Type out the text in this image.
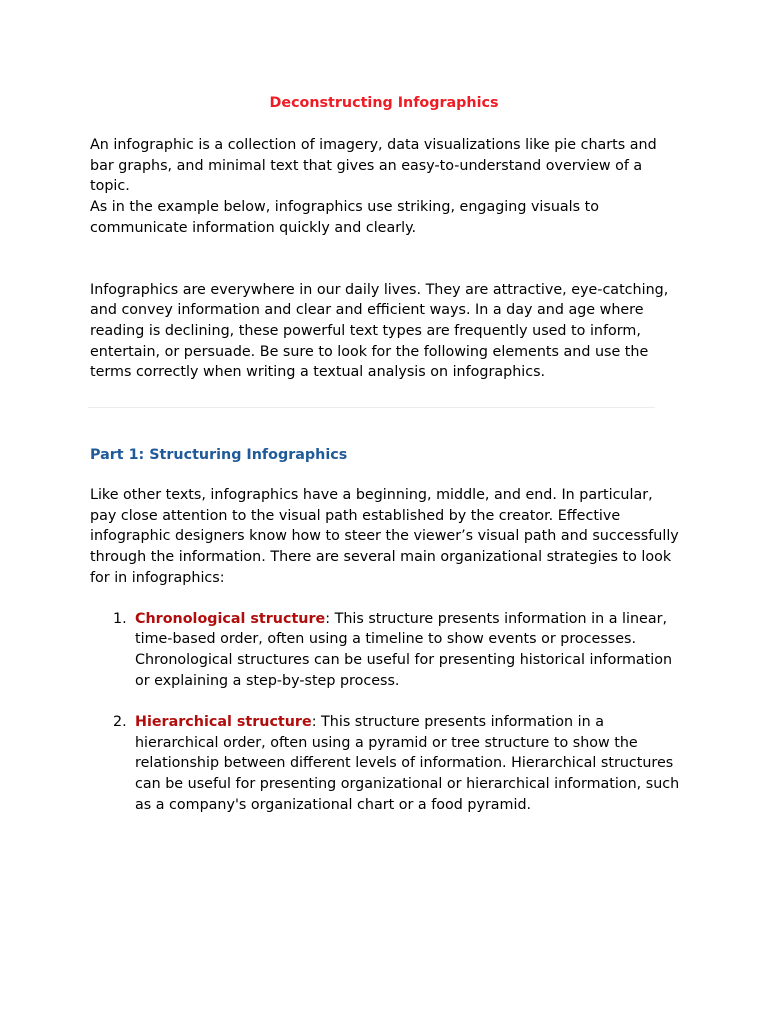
Deconstructing Infographics

An infographic is a collection of imagery, data visualizations like pie charts and bar graphs, and minimal text that gives an easy-to-understand overview of a topic.

As in the example below, infographics use striking, engaging visuals to communicate information quickly and clearly.

Infographics are everywhere in our daily lives. They are attractive, eye-catching, and convey information and clear and efficient ways. In a day and age where reading is declining, these powerful text types are frequently used to inform, entertain, or persuade. Be sure to look for the following elements and use the terms correctly when writing a textual analysis on infographics.

Part 1: Structuring Infographics

Like other texts, infographics have a beginning, middle, and end. In particular, pay close attention to the visual path established by the creator. Effective infographic designers know how to steer the viewer’s visual path and successfully through the information. There are several main organizational strategies to look for in infographics:

1. Chronological structure: This structure presents information in a linear, time-based order, often using a timeline to show events or processes. Chronological structures can be useful for presenting historical information or explaining a step-by-step process.
2. Hierarchical structure: This structure presents information in a hierarchical order, often using a pyramid or tree structure to show the relationship between different levels of information. Hierarchical structures can be useful for presenting organizational or hierarchical information, such as a company's organizational chart or a food pyramid.
